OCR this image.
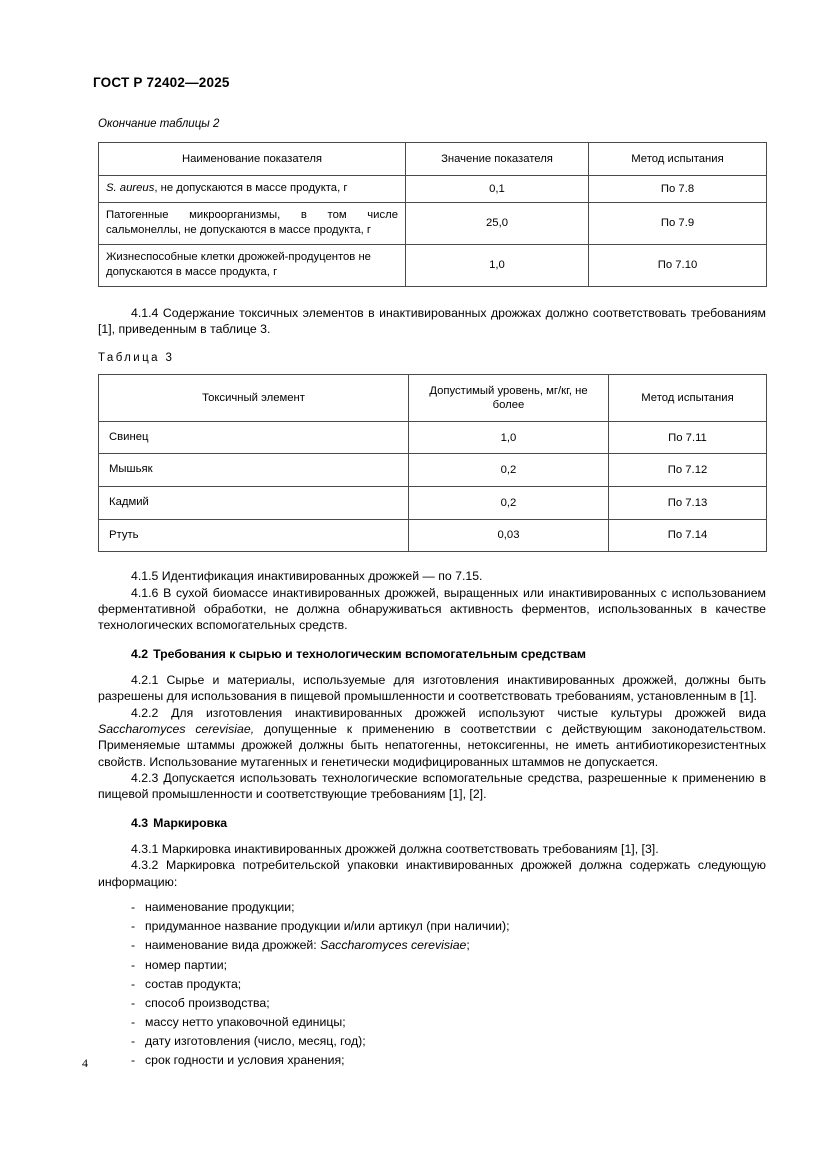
ГОСТ Р 72402—2025

Окончание таблицы 2

Наименование показателя	Значение показателя	Метод испытания
S. aureus, не допускаются в массе продукта, г	0,1	По 7.8
Патогенные микроорганизмы, в том числе сальмонеллы, не допускаются в массе продукта, г	25,0	По 7.9
Жизнеспособные клетки дрожжей-продуцентов не допускаются в массе продукта, г	1,0	По 7.10

4.1.4 Содержание токсичных элементов в инактивированных дрожжах должно соответствовать требованиям [1], приведенным в таблице 3.

Таблица 3

Токсичный элемент	Допустимый уровень, мг/кг, не более	Метод испытания
Свинец	1,0	По 7.11
Мышьяк	0,2	По 7.12
Кадмий	0,2	По 7.13
Ртуть	0,03	По 7.14

4.1.5 Идентификация инактивированных дрожжей — по 7.15.

4.1.6 В сухой биомассе инактивированных дрожжей, выращенных или инактивированных с использованием ферментативной обработки, не должна обнаруживаться активность ферментов, использованных в качестве технологических вспомогательных средств.

4.2 Требования к сырью и технологическим вспомогательным средствам

4.2.1 Сырье и материалы, используемые для изготовления инактивированных дрожжей, должны быть разрешены для использования в пищевой промышленности и соответствовать требованиям, установленным в [1].

4.2.2 Для изготовления инактивированных дрожжей используют чистые культуры дрожжей вида Saccharomyces cerevisiae, допущенные к применению в соответствии с действующим законодательством. Применяемые штаммы дрожжей должны быть непатогенны, нетоксигенны, не иметь антибиотикорезистентных свойств. Использование мутагенных и генетически модифицированных штаммов не допускается.

4.2.3 Допускается использовать технологические вспомогательные средства, разрешенные к применению в пищевой промышленности и соответствующие требованиям [1], [2].

4.3 Маркировка

4.3.1 Маркировка инактивированных дрожжей должна соответствовать требованиям [1], [3].

4.3.2 Маркировка потребительской упаковки инактивированных дрожжей должна содержать следующую информацию:

- наименование продукции;
- придуманное название продукции и/или артикул (при наличии);
- наименование вида дрожжей: Saccharomyces cerevisiae;
- номер партии;
- состав продукта;
- способ производства;
- массу нетто упаковочной единицы;
- дату изготовления (число, месяц, год);
- срок годности и условия хранения;
4
